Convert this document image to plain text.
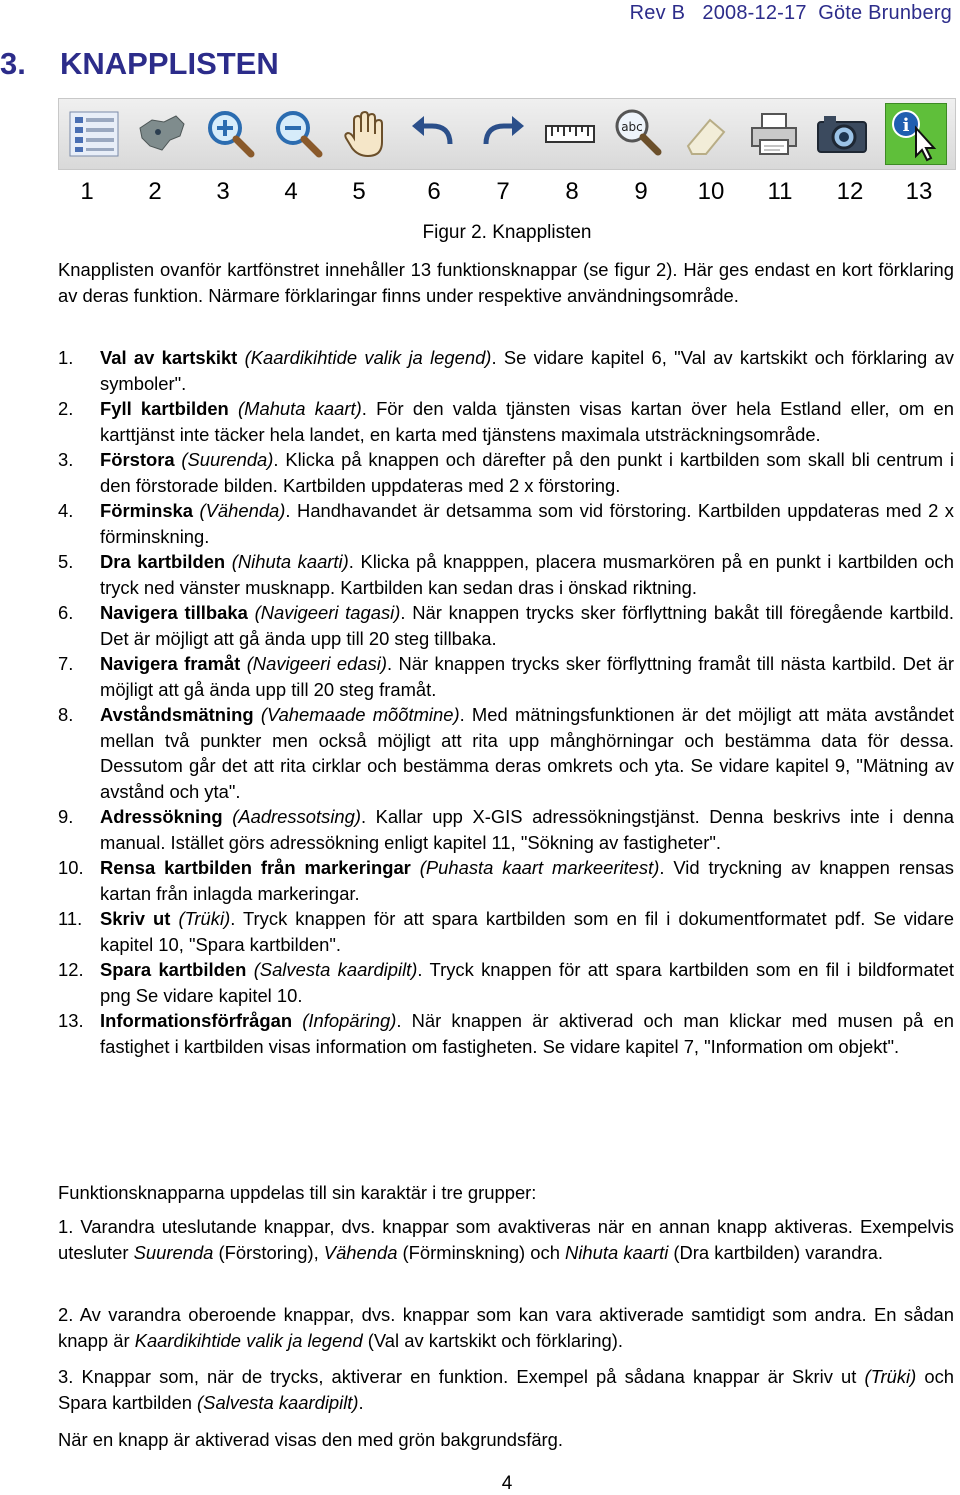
Rev B   2008-12-17  Göte Brunberg
3. KNAPPLISTEN
abc	i
1	2	3	4	5	6	7	8	9	10	11	12	13
Figur 2. Knapplisten

Knapplisten ovanför kartfönstret innehåller 13 funktionsknappar (se figur 2). Här ges endast en kort förklaring av deras funktion. Närmare förklaringar finns under respektive användningsområde.

1. Val av kartskikt (Kaardikihtide valik ja legend). Se vidare kapitel 6, "Val av kartskikt och förklaring av symboler".
2. Fyll kartbilden (Mahuta kaart). För den valda tjänsten visas kartan över hela Estland eller, om en karttjänst inte täcker hela landet, en karta med tjänstens maximala utsträckningsområde.
3. Förstora (Suurenda). Klicka på knappen och därefter på den punkt i kartbilden som skall bli centrum i den förstorade bilden. Kartbilden uppdateras med 2 x förstoring.
4. Förminska (Vähenda). Handhavandet är detsamma som vid förstoring. Kartbilden uppdateras med 2 x förminskning.
5. Dra kartbilden (Nihuta kaarti). Klicka på knapppen, placera musmarkören på en punkt i kartbilden och tryck ned vänster musknapp. Kartbilden kan sedan dras i önskad riktning.
6. Navigera tillbaka (Navigeeri tagasi). När knappen trycks sker förflyttning bakåt till föregående kartbild. Det är möjligt att gå ända upp till 20 steg tillbaka.
7. Navigera framåt (Navigeeri edasi). När knappen trycks sker förflyttning framåt till nästa kartbild. Det är möjligt att gå ända upp till 20 steg framåt.
8. Avståndsmätning (Vahemaade mõõtmine). Med mätningsfunktionen är det möjligt att mäta avståndet mellan två punkter men också möjligt att rita upp månghörningar och bestämma data för dessa. Dessutom går det att rita cirklar och bestämma deras omkrets och yta. Se vidare kapitel 9, "Mätning av avstånd och yta".
9. Adressökning (Aadressotsing). Kallar upp X-GIS adressökningstjänst. Denna beskrivs inte i denna manual. Istället görs adressökning enligt kapitel 11, "Sökning av fastigheter".
10. Rensa kartbilden från markeringar (Puhasta kaart markeeritest). Vid tryckning av knappen rensas kartan från inlagda markeringar.
11. Skriv ut (Trüki). Tryck knappen för att spara kartbilden som en fil i dokumentformatet pdf. Se vidare kapitel 10, "Spara kartbilden".
12. Spara kartbilden (Salvesta kaardipilt). Tryck knappen för att spara kartbilden som en fil i bildformatet png Se vidare kapitel 10.
13. Informationsförfrågan (Infopäring). När knappen är aktiverad och man klickar med musen på en fastighet i kartbilden visas information om fastigheten. Se vidare kapitel 7, "Information om objekt".

Funktionsknapparna uppdelas till sin karaktär i tre grupper:

1. Varandra uteslutande knappar, dvs. knappar som avaktiveras när en annan knapp aktiveras. Exempelvis utesluter Suurenda (Förstoring), Vähenda (Förminskning) och Nihuta kaarti (Dra kartbilden) varandra.

2. Av varandra oberoende knappar, dvs. knappar som kan vara aktiverade samtidigt som andra. En sådan knapp är Kaardikihtide valik ja legend (Val av kartskikt och förklaring).

3. Knappar som, när de trycks, aktiverar en funktion. Exempel på sådana knappar är Skriv ut (Trüki) och Spara kartbilden (Salvesta kaardipilt).

När en knapp är aktiverad visas den med grön bakgrundsfärg.

4
